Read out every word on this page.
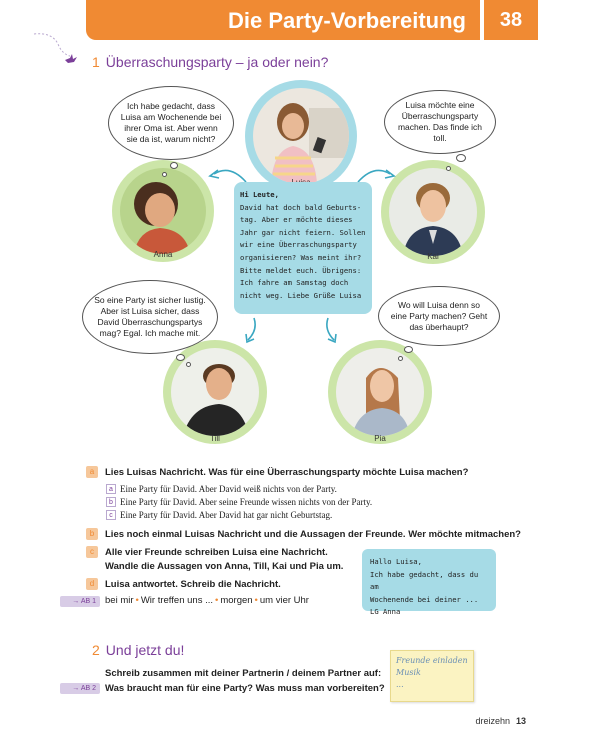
Die Party-Vorbereitung	38
1 Überraschungsparty – ja oder nein?
Anna	Kai
Till	Pia
Ich habe gedacht, dass Luisa am Wochenende bei ihrer Oma ist. Aber wenn sie da ist, warum nicht?
Luisa möchte eine Überraschungsparty machen. Das finde ich toll.
So eine Party ist sicher lustig. Aber ist Luisa sicher, dass David Überraschungspartys mag? Egal. Ich mache mit.
Wo will Luisa denn so eine Party machen? Geht das überhaupt?
Hi Leute,
David hat doch bald Geburts-
tag. Aber er möchte dieses
Jahr gar nicht feiern. Sollen
wir eine Überraschungsparty
organisieren? Was meint ihr?
Bitte meldet euch. Übrigens:
Ich fahre am Samstag doch
nicht weg. Liebe Grüße Luisa
a	Lies Luisas Nachricht. Was für eine Überraschungsparty möchte Luisa machen?
a Eine Party für David. Aber David weiß nichts von der Party.
b Eine Party für David. Aber seine Freunde wissen nichts von der Party.
c Eine Party für David. Aber David hat gar nicht Geburtstag.
b	Lies noch einmal Luisas Nachricht und die Aussagen der Freunde. Wer möchte mitmachen?
c	Alle vier Freunde schreiben Luisa eine Nachricht.
Wandle die Aussagen von Anna, Till, Kai und Pia um.
d	Luisa antwortet. Schreib die Nachricht.
→ AB 1 bei mir • Wir treffen uns ... • morgen • um vier Uhr
Hallo Luisa,
Ich habe gedacht, dass du am
Wochenende bei deiner ...
LG Anna
2 Und jetzt du!
Schreib zusammen mit deiner Partnerin / deinem Partner auf:
→ AB 2 Was braucht man für eine Party? Was muss man vorbereiten?
Freunde einladen
Musik
...
dreizehn 13
